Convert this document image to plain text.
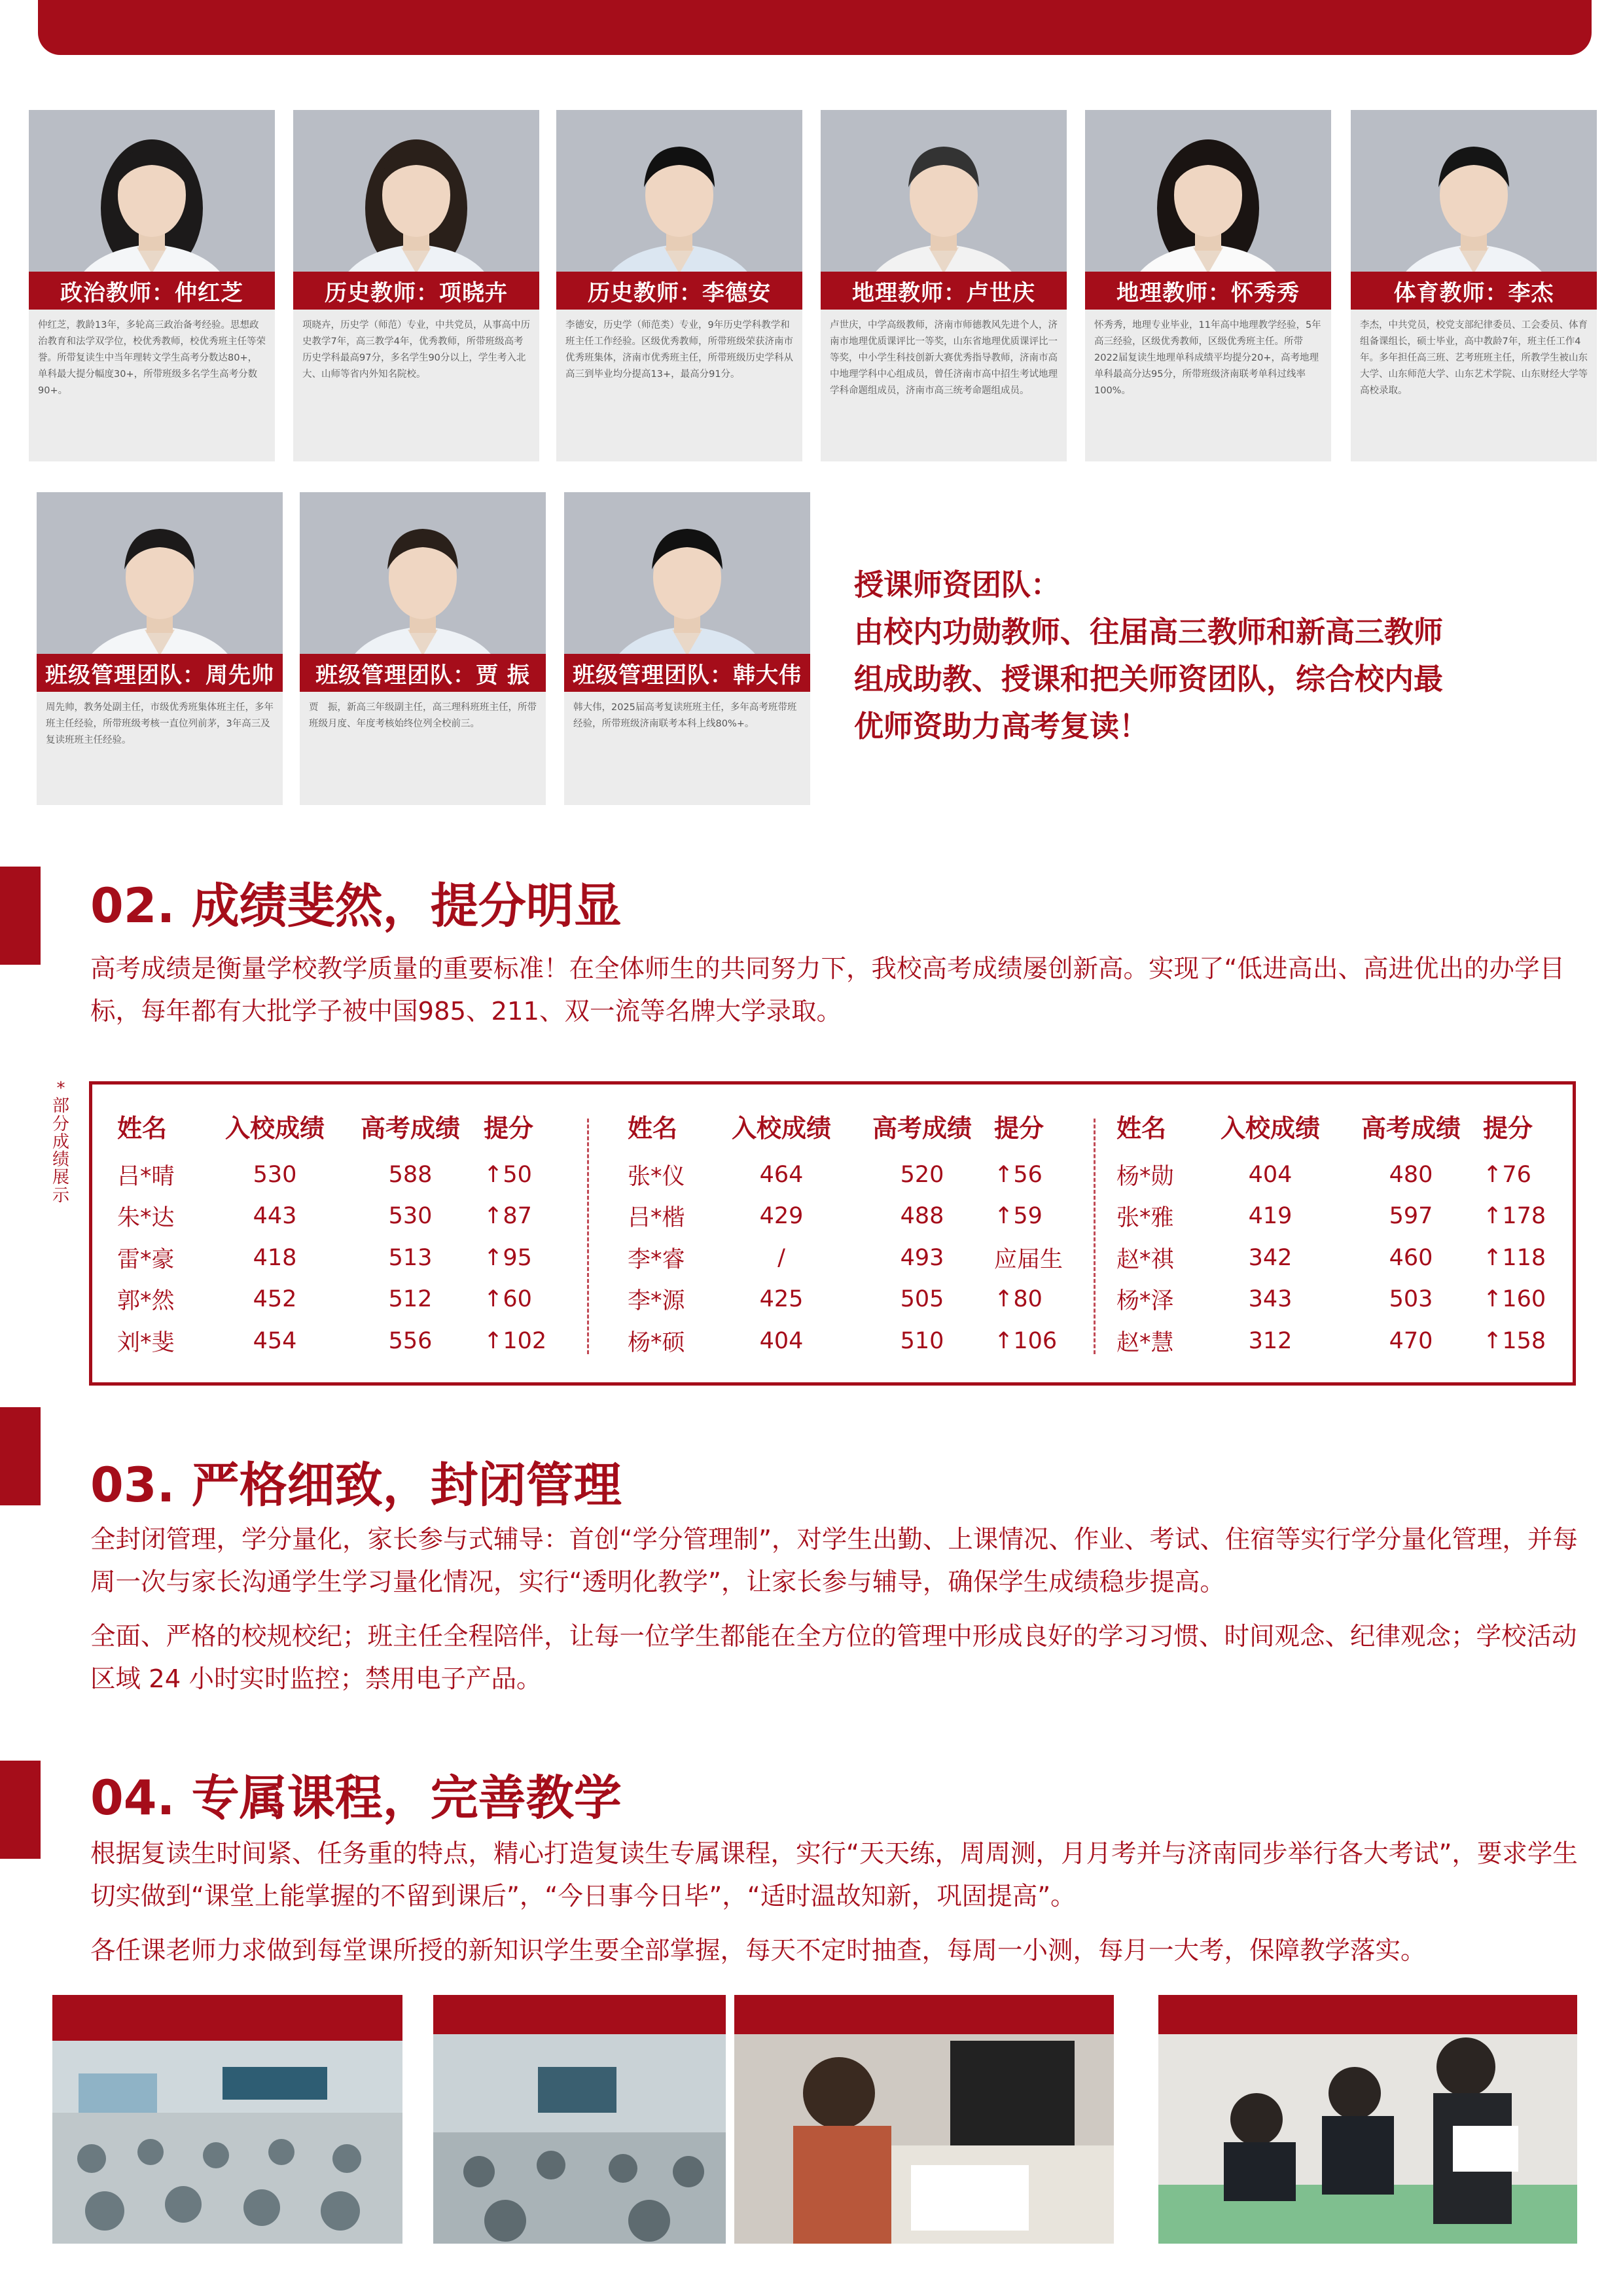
政治教师：仲红芝
仲红芝，教龄13年，多轮高三政治备考经验。思想政治教育和法学双学位，校优秀教师，校优秀班主任等荣誉。所带复读生中当年理转文学生高考分数达80+，单科最大提分幅度30+，所带班级多名学生高考分数90+。
历史教师：项晓卉
项晓卉，历史学（师范）专业，中共党员，从事高中历史教学7年，高三教学4年，优秀教师，所带班级高考历史学科最高97分，多名学生90分以上，学生考入北大、山师等省内外知名院校。
历史教师：李德安
李德安，历史学（师范类）专业，9年历史学科教学和班主任工作经验。区级优秀教师，所带班级荣获济南市优秀班集体，济南市优秀班主任，所带班级历史学科从高三到毕业均分提高13+，最高分91分。
地理教师：卢世庆
卢世庆，中学高级教师，济南市师德教风先进个人，济南市地理优质课评比一等奖，山东省地理优质课评比一等奖，中小学生科技创新大赛优秀指导教师，济南市高中地理学科中心组成员，曾任济南市高中招生考试地理学科命题组成员，济南市高三统考命题组成员。
地理教师：怀秀秀
怀秀秀，地理专业毕业，11年高中地理教学经验，5年高三经验，区级优秀教师，区级优秀班主任。所带2022届复读生地理单科成绩平均提分20+，高考地理单科最高分达95分，所带班级济南联考单科过线率100%。
体育教师：李杰
李杰，中共党员，校党支部纪律委员、工会委员、体育组备课组长，硕士毕业，高中教龄7年，班主任工作4年。多年担任高三班、艺考班班主任，所教学生被山东大学、山东师范大学、山东艺术学院、山东财经大学等高校录取。
班级管理团队：周先帅
周先帅，教务处副主任，市级优秀班集体班主任，多年班主任经验，所带班级考核一直位列前茅，3年高三及复读班班主任经验。
班级管理团队：贾 振
贾　振，新高三年级副主任，高三理科班班主任，所带班级月度、年度考核始终位列全校前三。
班级管理团队：韩大伟
韩大伟，2025届高考复读班班主任，多年高考班带班经验，所带班级济南联考本科上线80%+。
授课师资团队：
由校内功勋教师、往届高三教师和新高三教师
组成助教、授课和把关师资团队，综合校内最
优师资助力高考复读！
02. 成绩斐然，提分明显
高考成绩是衡量学校教学质量的重要标准！在全体师生的共同努力下，我校高考成绩屡创新高。实现了“低进高出、高进优出的办学目标，每年都有大批学子被中国985、211、双一流等名牌大学录取。
*
部
分
成
绩
展
示
姓名	入校成绩	高考成绩	提分
吕*晴	530	588	↑50
朱*达	443	530	↑87
雷*豪	418	513	↑95
郭*然	452	512	↑60
刘*斐	454	556	↑102
姓名	入校成绩	高考成绩	提分
张*仪	464	520	↑56
吕*楷	429	488	↑59
李*睿	/	493	应届生
李*源	425	505	↑80
杨*硕	404	510	↑106
姓名	入校成绩	高考成绩	提分
杨*勋	404	480	↑76
张*雅	419	597	↑178
赵*祺	342	460	↑118
杨*泽	343	503	↑160
赵*慧	312	470	↑158
03. 严格细致，封闭管理
全封闭管理，学分量化，家长参与式辅导：首创“学分管理制”，对学生出勤、上课情况、作业、考试、住宿等实行学分量化管理，并每周一次与家长沟通学生学习量化情况，实行“透明化教学”，让家长参与辅导，确保学生成绩稳步提高。
全面、严格的校规校纪；班主任全程陪伴，让每一位学生都能在全方位的管理中形成良好的学习习惯、时间观念、纪律观念；学校活动区域 24 小时实时监控；禁用电子产品。
04. 专属课程，完善教学
根据复读生时间紧、任务重的特点，精心打造复读生专属课程，实行“天天练，周周测，月月考并与济南同步举行各大考试”，要求学生切实做到“课堂上能掌握的不留到课后”，“今日事今日毕”，“适时温故知新，巩固提高”。
各任课老师力求做到每堂课所授的新知识学生要全部掌握，每天不定时抽查，每周一小测，每月一大考，保障教学落实。
